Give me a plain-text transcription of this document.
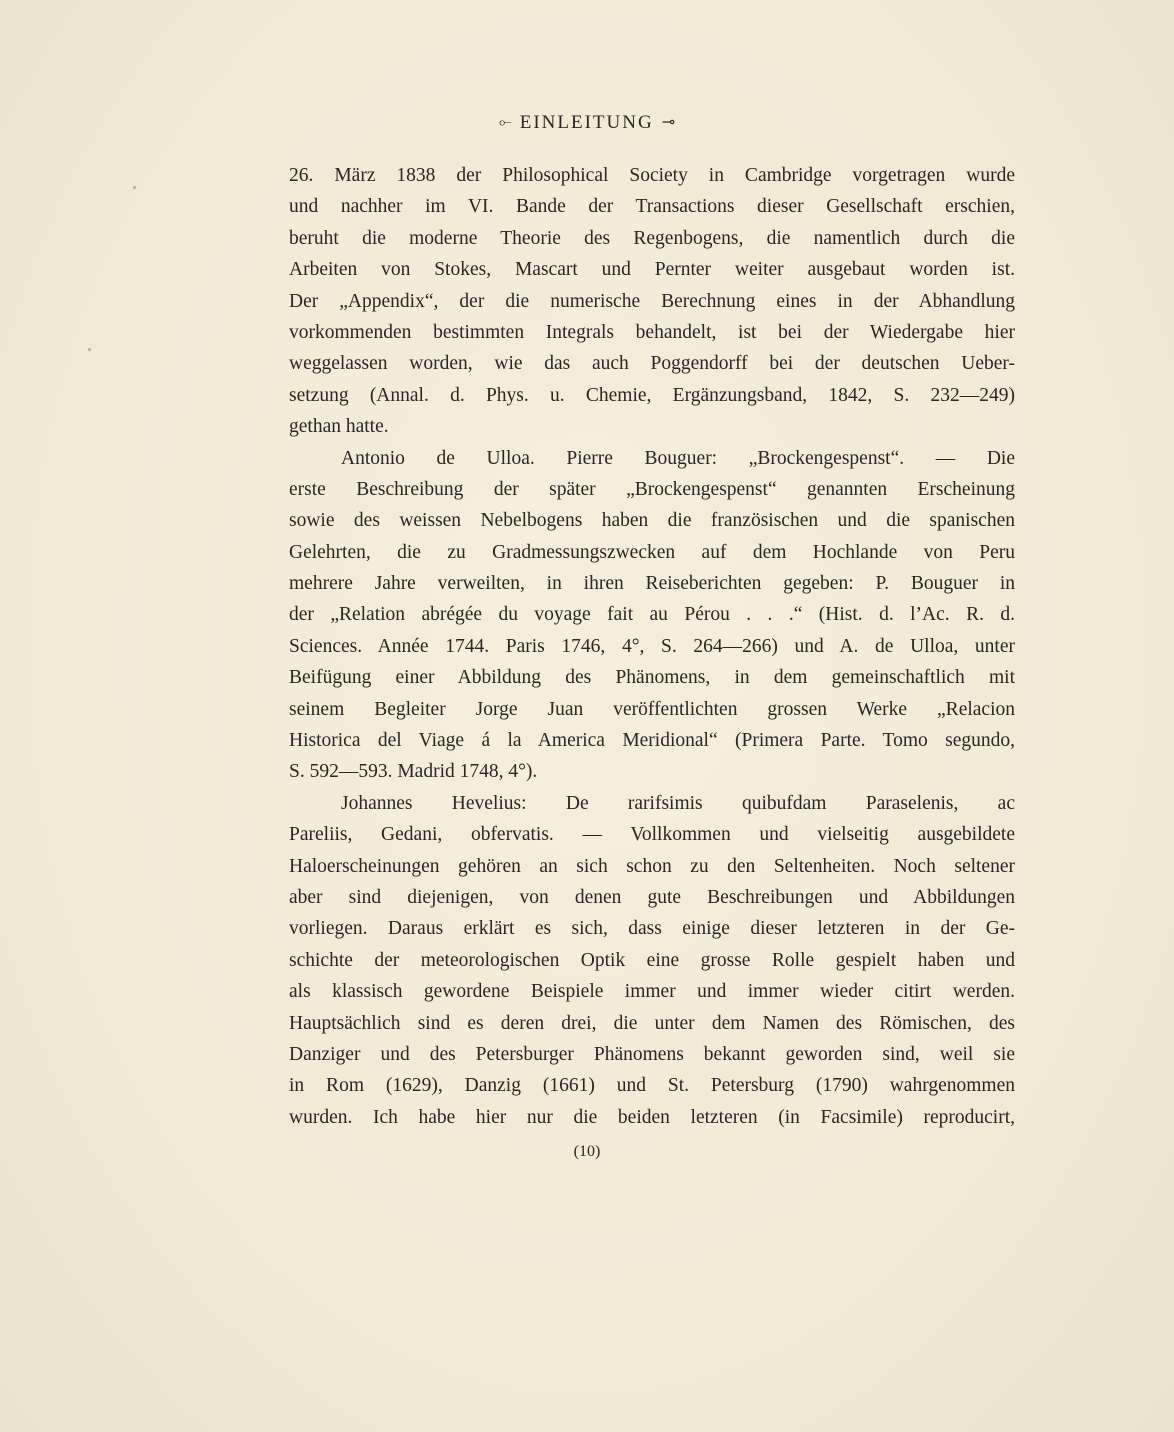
⟜ EINLEITUNG ⊸
26. März 1838 der Philosophical Society in Cambridge vorgetragen wurde
und nachher im VI. Bande der Transactions dieser Gesellschaft erschien,
beruht die moderne Theorie des Regenbogens, die namentlich durch die
Arbeiten von Stokes, Mascart und Pernter weiter ausgebaut worden ist.
Der „Appendix“, der die numerische Berechnung eines in der Abhandlung
vorkommenden bestimmten Integrals behandelt, ist bei der Wiedergabe hier
weggelassen worden, wie das auch Poggendorff bei der deutschen Ueber-
setzung (Annal. d. Phys. u. Chemie, Ergänzungsband, 1842, S. 232—249)
gethan hatte.
Antonio de Ulloa. Pierre Bouguer: „Brockengespenst“. — Die
erste Beschreibung der später „Brockengespenst“ genannten Erscheinung
sowie des weissen Nebelbogens haben die französischen und die spanischen
Gelehrten, die zu Gradmessungszwecken auf dem Hochlande von Peru
mehrere Jahre verweilten, in ihren Reiseberichten gegeben: P. Bouguer in
der „Relation abrégée du voyage fait au Pérou . . .“ (Hist. d. l’Ac. R. d.
Sciences. Année 1744. Paris 1746, 4°, S. 264—266) und A. de Ulloa, unter
Beifügung einer Abbildung des Phänomens, in dem gemeinschaftlich mit
seinem Begleiter Jorge Juan veröffentlichten grossen Werke „Relacion
Historica del Viage á la America Meridional“ (Primera Parte. Tomo segundo,
S. 592—593. Madrid 1748, 4°).
Johannes Hevelius: De rarifsimis quibufdam Paraselenis, ac
Pareliis, Gedani, obfervatis. — Vollkommen und vielseitig ausgebildete
Haloerscheinungen gehören an sich schon zu den Seltenheiten. Noch seltener
aber sind diejenigen, von denen gute Beschreibungen und Abbildungen
vorliegen. Daraus erklärt es sich, dass einige dieser letzteren in der Ge-
schichte der meteorologischen Optik eine grosse Rolle gespielt haben und
als klassisch gewordene Beispiele immer und immer wieder citirt werden.
Hauptsächlich sind es deren drei, die unter dem Namen des Römischen, des
Danziger und des Petersburger Phänomens bekannt geworden sind, weil sie
in Rom (1629), Danzig (1661) und St. Petersburg (1790) wahrgenommen
wurden. Ich habe hier nur die beiden letzteren (in Facsimile) reproducirt,
(10)
